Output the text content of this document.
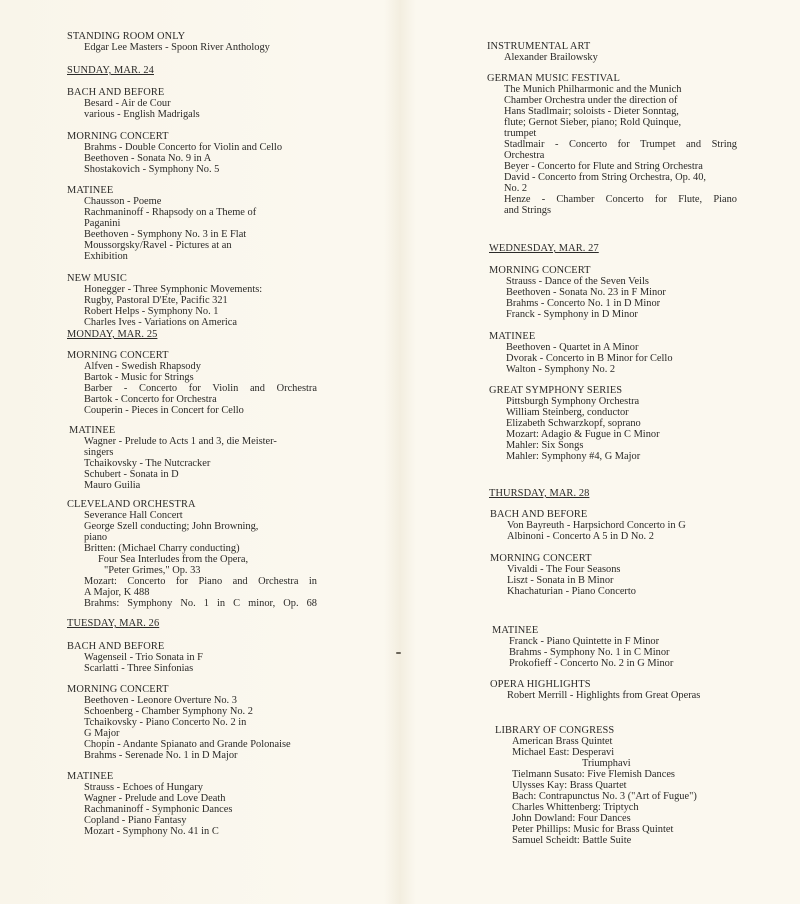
STANDING ROOM ONLY
Edgar Lee Masters - Spoon River Anthology
SUNDAY, MAR. 24
BACH AND BEFORE
Besard - Air de Cour
various - English Madrigals
MORNING CONCERT
Brahms - Double Concerto for Violin and Cello
Beethoven - Sonata No. 9 in A
Shostakovich - Symphony No. 5
MATINEE
Chausson - Poeme
Rachmaninoff - Rhapsody on a Theme of
Paganini
Beethoven - Symphony No. 3 in E Flat
Moussorgsky/Ravel - Pictures at an
Exhibition
NEW MUSIC
Honegger - Three Symphonic Movements:
Rugby, Pastoral D'Ete, Pacific 321
Robert Helps - Symphony No. 1
Charles Ives - Variations on America
MONDAY, MAR. 25
MORNING CONCERT
Alfven - Swedish Rhapsody
Bartok - Music for Strings
Barber - Concerto for Violin and Orchestra
Bartok - Concerto for Orchestra
Couperin - Pieces in Concert for Cello
MATINEE
Wagner - Prelude to Acts 1 and 3, die Meister-
singers
Tchaikovsky - The Nutcracker
Schubert - Sonata in D
Mauro Guilia
CLEVELAND ORCHESTRA
Severance Hall Concert
George Szell conducting; John Browning,
piano
Britten: (Michael Charry conducting)
Four Sea Interludes from the Opera,
"Peter Grimes," Op. 33
Mozart: Concerto for Piano and Orchestra in
A Major, K 488
Brahms: Symphony No. 1 in C minor, Op. 68
TUESDAY, MAR. 26
BACH AND BEFORE
Wagenseil - Trio Sonata in F
Scarlatti - Three Sinfonias
MORNING CONCERT
Beethoven - Leonore Overture No. 3
Schoenberg - Chamber Symphony No. 2
Tchaikovsky - Piano Concerto No. 2 in
G Major
Chopin - Andante Spianato and Grande Polonaise
Brahms - Serenade No. 1 in D Major
MATINEE
Strauss - Echoes of Hungary
Wagner - Prelude and Love Death
Rachmaninoff - Symphonic Dances
Copland - Piano Fantasy
Mozart - Symphony No. 41 in C
INSTRUMENTAL ART
Alexander Brailowsky
GERMAN MUSIC FESTIVAL
The Munich Philharmonic and the Munich
Chamber Orchestra under the direction of
Hans Stadlmair; soloists - Dieter Sonntag,
flute; Gernot Sieber, piano; Rold Quinque,
trumpet
Stadlmair - Concerto for Trumpet and String
Orchestra
Beyer - Concerto for Flute and String Orchestra
David - Concerto from String Orchestra, Op. 40,
No. 2
Henze - Chamber Concerto for Flute, Piano
and Strings
WEDNESDAY, MAR. 27
MORNING CONCERT
Strauss - Dance of the Seven Veils
Beethoven - Sonata No. 23 in F Minor
Brahms - Concerto No. 1 in D Minor
Franck - Symphony in D Minor
MATINEE
Beethoven - Quartet in A Minor
Dvorak - Concerto in B Minor for Cello
Walton - Symphony No. 2
GREAT SYMPHONY SERIES
Pittsburgh Symphony Orchestra
William Steinberg, conductor
Elizabeth Schwarzkopf, soprano
Mozart: Adagio & Fugue in C Minor
Mahler: Six Songs
Mahler: Symphony #4, G Major
THURSDAY, MAR. 28
BACH AND BEFORE
Von Bayreuth - Harpsichord Concerto in G
Albinoni - Concerto A 5 in D No. 2
MORNING CONCERT
Vivaldi - The Four Seasons
Liszt - Sonata in B Minor
Khachaturian - Piano Concerto
MATINEE
Franck - Piano Quintette in F Minor
Brahms - Symphony No. 1 in C Minor
Prokofieff - Concerto No. 2 in G Minor
OPERA HIGHLIGHTS
Robert Merrill - Highlights from Great Operas
LIBRARY OF CONGRESS
American Brass Quintet
Michael East: Desperavi
Triumphavi
Tielmann Susato: Five Flemish Dances
Ulysses Kay: Brass Quartet
Bach: Contrapunctus No. 3 ("Art of Fugue")
Charles Whittenberg: Triptych
John Dowland: Four Dances
Peter Phillips: Music for Brass Quintet
Samuel Scheidt: Battle Suite
